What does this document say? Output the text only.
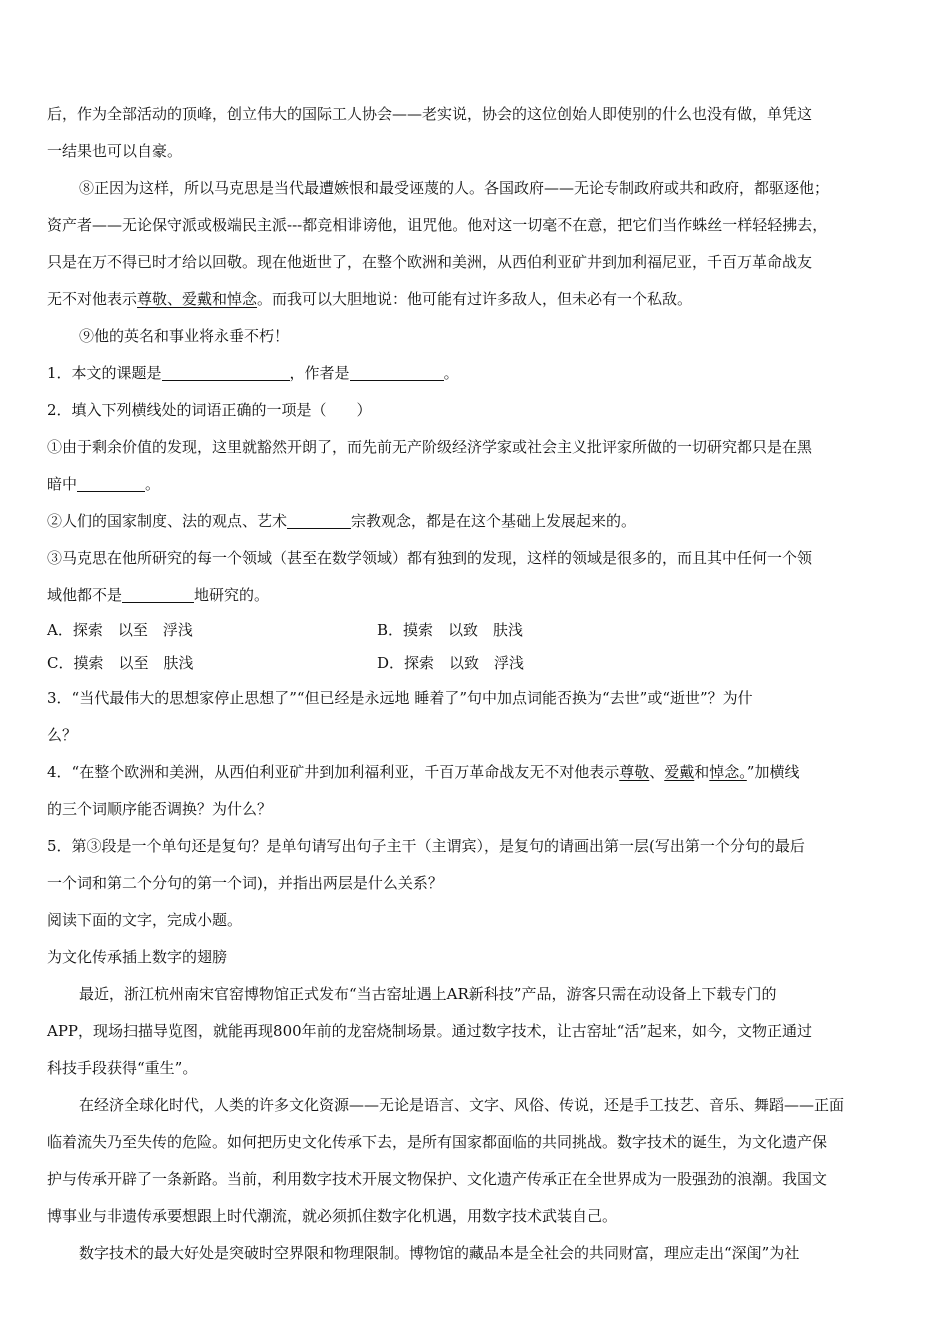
后，作为全部活动的顶峰，创立伟大的国际工人协会——老实说，协会的这位创始人即使别的什么也没有做，单凭这

一结果也可以自豪。

⑧正因为这样，所以马克思是当代最遭嫉恨和最受诬蔑的人。各国政府——无论专制政府或共和政府，都驱逐他；

资产者——无论保守派或极端民主派---都竞相诽谤他，诅咒他。他对这一切毫不在意，把它们当作蛛丝一样轻轻拂去，

只是在万不得已时才给以回敬。现在他逝世了，在整个欧洲和美洲，从西伯利亚矿井到加利福尼亚，千百万革命战友

无不对他表示尊敬、爱戴和悼念。而我可以大胆地说：他可能有过许多敌人，但未必有一个私敌。

⑨他的英名和事业将永垂不朽！

1．本文的课题是	，作者是	。

2．填入下列横线处的词语正确的一项是（　　）

①由于剩余价值的发现，这里就豁然开朗了，而先前无产阶级经济学家或社会主义批评家所做的一切研究都只是在黑

暗中	。

②人们的国家制度、法的观点、艺术	宗教观念，都是在这个基础上发展起来的。

③马克思在他所研究的每一个领域（甚至在数学领域）都有独到的发现，这样的领域是很多的，而且其中任何一个领

域他都不是	地研究的。

A．探索　以至　浮浅	B．摸索　以致　肤浅
C．摸索　以至　肤浅	D．探索　以致　浮浅

3．“当代最伟大的思想家停止思想了”“但已经是永远地 睡着了”句中加点词能否换为“去世”或“逝世”？为什

么？

4．“在整个欧洲和美洲，从西伯利亚矿井到加利福利亚，千百万革命战友无不对他表示尊敬、爱戴和悼念。”加横线

的三个词顺序能否调换？为什么？

5．第③段是一个单句还是复句？是单句请写出句子主干（主谓宾），是复句的请画出第一层(写出第一个分句的最后

一个词和第二个分句的第一个词)，并指出两层是什么关系？

阅读下面的文字，完成小题。

为文化传承插上数字的翅膀

最近，浙江杭州南宋官窑博物馆正式发布“当古窑址遇上AR新科技”产品，游客只需在动设备上下载专门的

APP，现场扫描导览图，就能再现800年前的龙窑烧制场景。通过数字技术，让古窑址“活”起来，如今，文物正通过

科技手段获得“重生”。

在经济全球化时代，人类的许多文化资源——无论是语言、文字、风俗、传说，还是手工技艺、音乐、舞蹈——正面

临着流失乃至失传的危险。如何把历史文化传承下去，是所有国家都面临的共同挑战。数字技术的诞生，为文化遗产保

护与传承开辟了一条新路。当前，利用数字技术开展文物保护、文化遗产传承正在全世界成为一股强劲的浪潮。我国文

博事业与非遗传承要想跟上时代潮流，就必须抓住数字化机遇，用数字技术武装自己。

数字技术的最大好处是突破时空界限和物理限制。博物馆的藏品本是全社会的共同财富，理应走出“深闺”为社
